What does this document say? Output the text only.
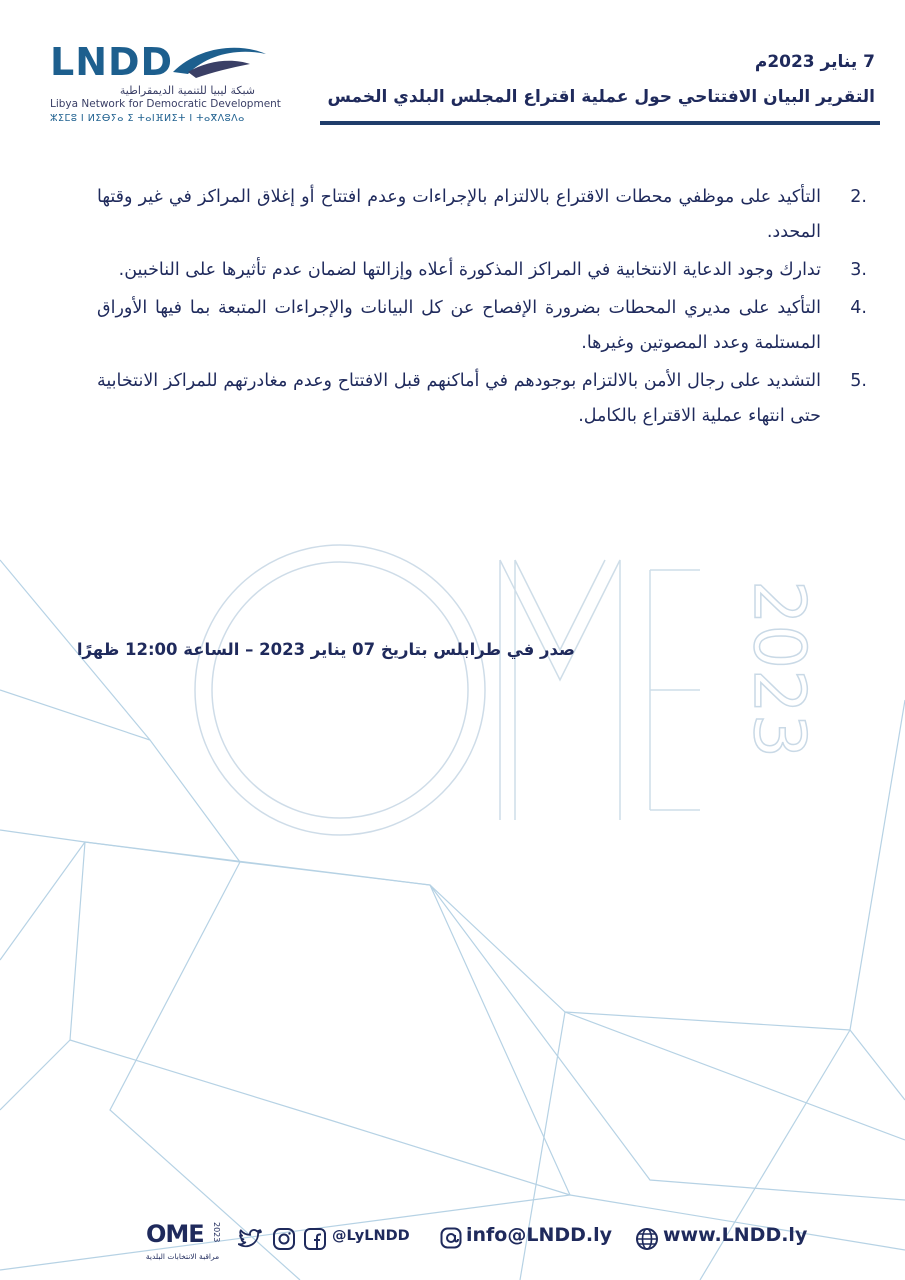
2023
LNDD
شبكة ليبيا للتنمية الديمقراطية
Libya Network for Democratic Development
ⵣⵉⵎⵓ ⵏ ⵍⵉⴱⵢⴰ ⵉ ⵜⴰⵏⴼⵍⵉⵜ ⵏ ⵜⴰⴳⴷⵓⴷⴰ
7 يناير 2023م
التقرير البيان الافتتاحي حول عملية اقتراع المجلس البلدي الخمس
2.
التأكيد على موظفي محطات الاقتراع بالالتزام بالإجراءات وعدم افتتاح أو إغلاق المراكز في غير وقتها المحدد.
3.
تدارك وجود الدعاية الانتخابية في المراكز المذكورة أعلاه وإزالتها لضمان عدم تأثيرها على الناخبين.
4.
التأكيد على مديري المحطات بضرورة الإفصاح عن كل البيانات والإجراءات المتبعة بما فيها الأوراق المستلمة وعدد المصوتين وغيرها.
5.
التشديد على رجال الأمن بالالتزام بوجودهم في أماكنهم قبل الافتتاح وعدم مغادرتهم للمراكز الانتخابية حتى انتهاء عملية الاقتراع بالكامل.
صدر في طرابلس بتاريخ 07 يناير 2023 – الساعة 12:00 ظهرًا
OME 2023
مراقبة الانتخابات البلدية
@LyLNDD	info@LNDD.ly	www.LNDD.ly
